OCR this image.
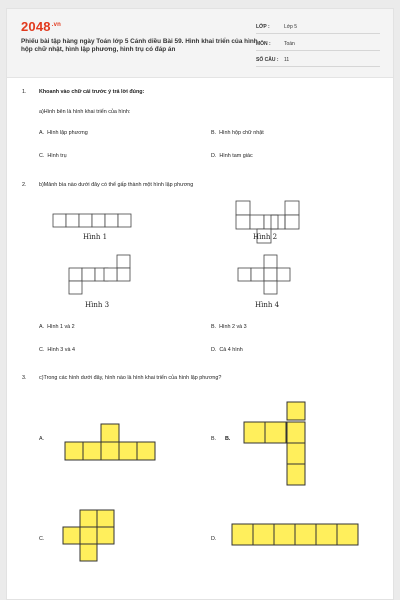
$2048^{.vn}$
Phiếu bài tập hàng ngày Toán lớp 5 Cánh diều Bài 59. Hình khai triển của hình hộp chữ nhật, hình lập phương, hình trụ có đáp án
LỚP :	Lớp 5
MÔN :	Toán
SỐ CÂU : 11
1. Khoanh vào chữ cái trước ý trả lời đúng:
a)Hình bên là hình khai triển của hình:
A. Hình lập phương	B. Hình hộp chữ nhật
C. Hình trụ	D. Hình tam giác
2. b)Mảnh bìa nào dưới đây có thể gấp thành một hình lập phương
Hình 1	Hình 2
Hình 3	Hình 4
A. Hình 1 và 2	B. Hình 2 và 3
C. Hình 3 và 4	D. Cả 4 hình
3. c)Trong các hình dưới đây, hình nào là hình khai triển của hình lập phương?
A.	B. B.
C.	D.
